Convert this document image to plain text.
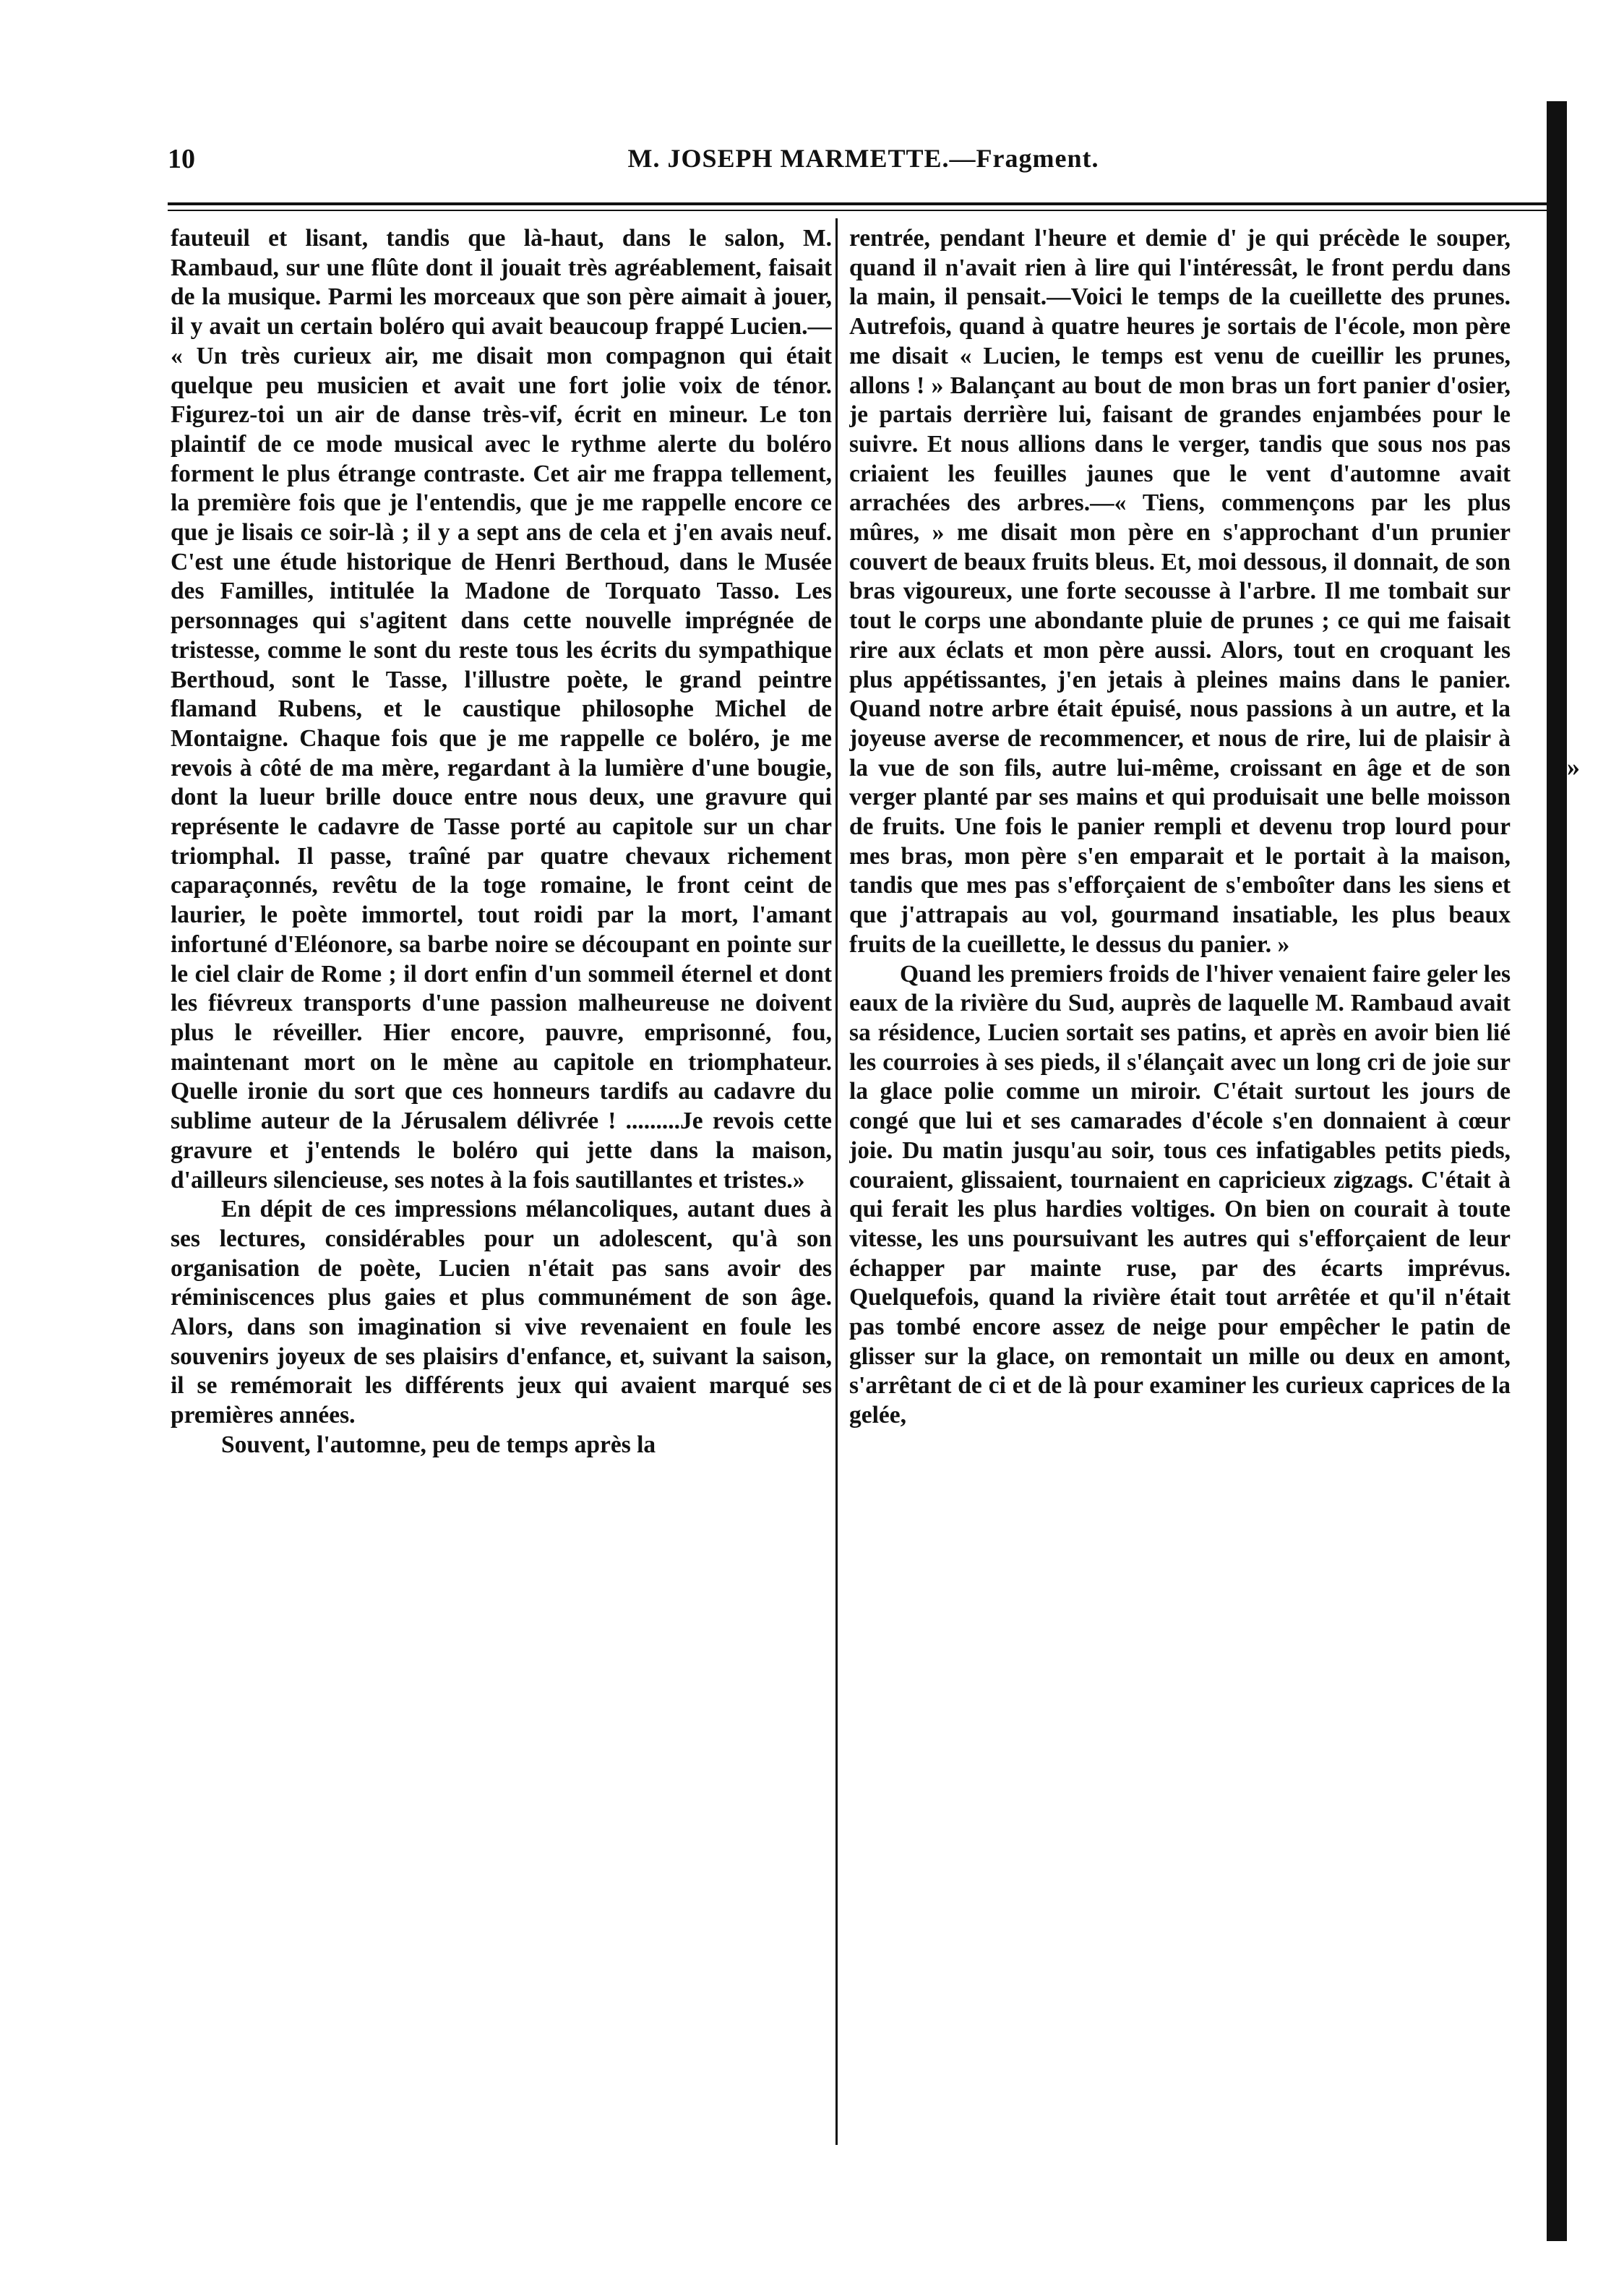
10	M. JOSEPH MARMETTE.—Fragment.

fauteuil et lisant, tandis que là-haut, dans le salon, M. Rambaud, sur une flûte dont il jouait très agréablement, faisait de la musique. Parmi les morceaux que son père aimait à jouer, il y avait un certain boléro qui avait beaucoup frappé Lucien.— « Un très curieux air, me disait mon compagnon qui était quelque peu musicien et avait une fort jolie voix de ténor. Figurez-toi un air de danse très-vif, écrit en mineur. Le ton plaintif de ce mode musical avec le rythme alerte du boléro forment le plus étrange contraste. Cet air me frappa tellement, la première fois que je l'entendis, que je me rappelle encore ce que je lisais ce soir-là ; il y a sept ans de cela et j'en avais neuf. C'est une étude historique de Henri Berthoud, dans le Musée des Familles, intitulée la Madone de Torquato Tasso. Les personnages qui s'agitent dans cette nouvelle imprégnée de tristesse, comme le sont du reste tous les écrits du sympathique Berthoud, sont le Tasse, l'illustre poète, le grand peintre flamand Rubens, et le caustique philosophe Michel de Montaigne. Chaque fois que je me rappelle ce boléro, je me revois à côté de ma mère, regardant à la lumière d'une bougie, dont la lueur brille douce entre nous deux, une gravure qui représente le cadavre de Tasse porté au capitole sur un char triomphal. Il passe, traîné par quatre chevaux richement caparaçonnés, revêtu de la toge romaine, le front ceint de laurier, le poète immortel, tout roidi par la mort, l'amant infortuné d'Eléonore, sa barbe noire se découpant en pointe sur le ciel clair de Rome ; il dort enfin d'un sommeil éternel et dont les fiévreux transports d'une passion malheureuse ne doivent plus le réveiller. Hier encore, pauvre, emprisonné, fou, maintenant mort on le mène au capitole en triomphateur. Quelle ironie du sort que ces honneurs tardifs au cadavre du sublime auteur de la Jérusalem délivrée ! .........Je revois cette gravure et j'entends le boléro qui jette dans la maison, d'ailleurs silencieuse, ses notes à la fois sautillantes et tristes.»

En dépit de ces impressions mélancoliques, autant dues à ses lectures, considérables pour un adolescent, qu'à son organisation de poète, Lucien n'était pas sans avoir des réminiscences plus gaies et plus communément de son âge. Alors, dans son imagination si vive revenaient en foule les souvenirs joyeux de ses plaisirs d'enfance, et, suivant la saison, il se remémorait les différents jeux qui avaient marqué ses premières années.

Souvent, l'automne, peu de temps après la

rentrée, pendant l'heure et demie d' je qui précède le souper, quand il n'avait rien à lire qui l'intéressât, le front perdu dans la main, il pensait.—Voici le temps de la cueillette des prunes. Autrefois, quand à quatre heures je sortais de l'école, mon père me disait « Lucien, le temps est venu de cueillir les prunes, allons ! » Balançant au bout de mon bras un fort panier d'osier, je partais derrière lui, faisant de grandes enjambées pour le suivre. Et nous allions dans le verger, tandis que sous nos pas criaient les feuilles jaunes que le vent d'automne avait arrachées des arbres.—« Tiens, commençons par les plus mûres, » me disait mon père en s'approchant d'un prunier couvert de beaux fruits bleus. Et, moi dessous, il donnait, de son bras vigoureux, une forte secousse à l'arbre. Il me tombait sur tout le corps une abondante pluie de prunes ; ce qui me faisait rire aux éclats et mon père aussi. Alors, tout en croquant les plus appétissantes, j'en jetais à pleines mains dans le panier. Quand notre arbre était épuisé, nous passions à un autre, et la joyeuse averse de recommencer, et nous de rire, lui de plaisir à la vue de son fils, autre lui-même, croissant en âge et de son verger planté par ses mains et qui produisait une belle moisson de fruits. Une fois le panier rempli et devenu trop lourd pour mes bras, mon père s'en emparait et le portait à la maison, tandis que mes pas s'efforçaient de s'emboîter dans les siens et que j'attrapais au vol, gourmand insatiable, les plus beaux fruits de la cueillette, le dessus du panier. »

Quand les premiers froids de l'hiver venaient faire geler les eaux de la rivière du Sud, auprès de laquelle M. Rambaud avait sa résidence, Lucien sortait ses patins, et après en avoir bien lié les courroies à ses pieds, il s'élançait avec un long cri de joie sur la glace polie comme un miroir. C'était surtout les jours de congé que lui et ses camarades d'école s'en donnaient à cœur joie. Du matin jusqu'au soir, tous ces infatigables petits pieds, couraient, glissaient, tournaient en capricieux zigzags. C'était à qui ferait les plus hardies voltiges. On bien on courait à toute vitesse, les uns poursuivant les autres qui s'efforçaient de leur échapper par mainte ruse, par des écarts imprévus. Quelquefois, quand la rivière était tout arrêtée et qu'il n'était pas tombé encore assez de neige pour empêcher le patin de glisser sur la glace, on remontait un mille ou deux en amont, s'arrêtant de ci et de là pour examiner les curieux caprices de la gelée,

»
